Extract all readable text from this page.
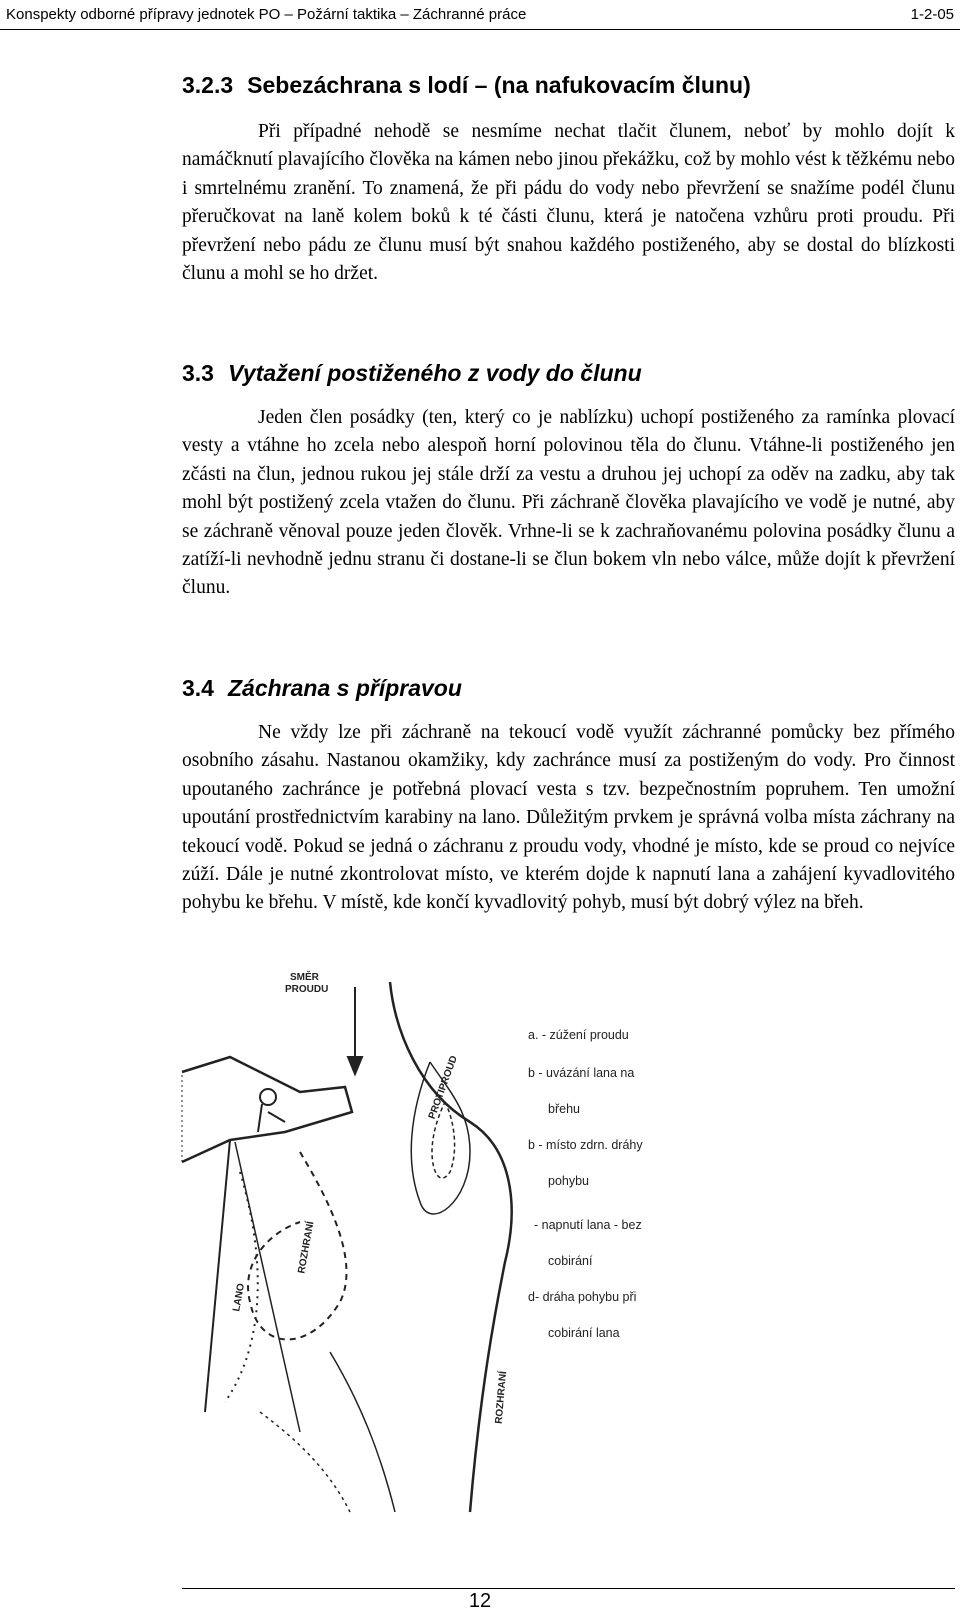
Konspekty odborné přípravy jednotek PO – Požární taktika – Záchranné práce	1-2-05
3.2.3 Sebezáchrana s lodí – (na nafukovacím člunu)

Při případné nehodě se nesmíme nechat tlačit člunem, neboť by mohlo dojít k namáčknutí plavajícího člověka na kámen nebo jinou překážku, což by mohlo vést k těžkému nebo i smrtelnému zranění. To znamená, že při pádu do vody nebo převržení se snažíme podél člunu přeručkovat na laně kolem boků k té části člunu, která je natočena vzhůru proti proudu. Při převržení nebo pádu ze člunu musí být snahou každého postiženého, aby se dostal do blízkosti člunu a mohl se ho držet.

3.3 Vytažení postiženého z vody do člunu

Jeden člen posádky (ten, který co je nablízku) uchopí postiženého za ramínka plovací vesty a vtáhne ho zcela nebo alespoň horní polovinou těla do člunu. Vtáhne-li postiženého jen zčásti na člun, jednou rukou jej stále drží za vestu a druhou jej uchopí za oděv na zadku, aby tak mohl být postižený zcela vtažen do člunu. Při záchraně člověka plavajícího ve vodě je nutné, aby se záchraně věnoval pouze jeden člověk. Vrhne-li se k zachraňovanému polovina posádky člunu a zatíží-li nevhodně jednu stranu či dostane-li se člun bokem vln nebo válce, může dojít k převržení člunu.

3.4 Záchrana s přípravou

Ne vždy lze při záchraně na tekoucí vodě využít záchranné pomůcky bez přímého osobního zásahu. Nastanou okamžiky, kdy zachránce musí za postiženým do vody. Pro činnost upoutaného zachránce je potřebná plovací vesta s tzv. bezpečnostním popruhem. Ten umožní upoutání prostřednictvím karabiny na lano. Důležitým prvkem je správná volba místa záchrany na tekoucí vodě. Pokud se jedná o záchranu z proudu vody, vhodné je místo, kde se proud co nejvíce zúží. Dále je nutné zkontrolovat místo, ve kterém dojde k napnutí lana a zahájení kyvadlovitého pohybu ke břehu. V místě, kde končí kyvadlovitý pohyb, musí být dobrý výlez na břeh.

SMĚR
PROUDU
LANO
ROZHRANÍ
PROTIPROUD
ROZHRANÍ
a. - zúžení proudu
b - uvázání lana na
břehu
b - místo zdrn. dráhy
pohybu
- napnutí lana - bez
cobirání
d- dráha pohybu při
cobirání lana
12
